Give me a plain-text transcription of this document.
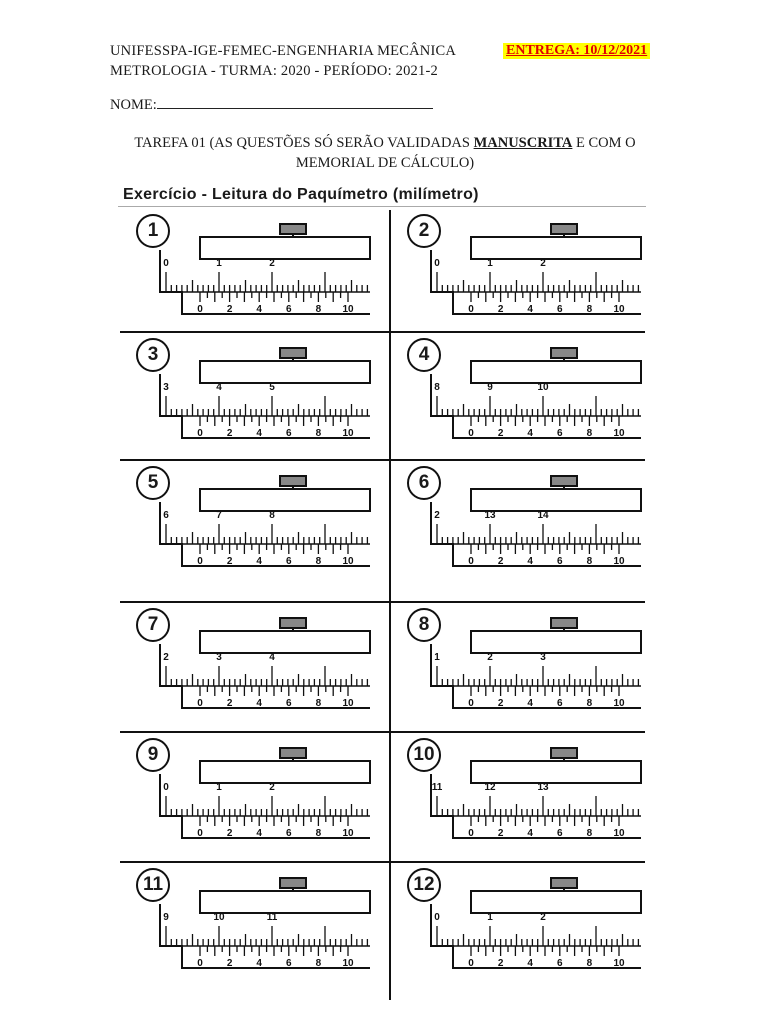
UNIFESSPA-IGE-FEMEC-ENGENHARIA MECÂNICA
METROLOGIA - TURMA: 2020 - PERÍODO: 2021-2
ENTREGA: 10/12/2021
NOME:
TAREFA 01 (AS QUESTÕES SÓ SERÃO VALIDADAS MANUSCRITA E COM O MEMORIAL DE CÁLCULO)
Exercício - Leitura do Paquímetro (milímetro)
1
0	1	2
0 2 4 6 8 10
2
0	1	2
0 2 4 6 8 10
3
3	4	5
0 2 4 6 8 10
4
8	9	10
0 2 4 6 8 10
5
6	7	8
0 2 4 6 8 10
6
2	13	14
0 2 4 6 8 10
7
2	3	4
0 2 4 6 8 10
8
1	2	3
0 2 4 6 8 10
9
0	1	2
0 2 4 6 8 10
10
11	12	13
0 2 4 6 8 10
11
9	10	11
0 2 4 6 8 10
12
0	1	2
0 2 4 6 8 10
